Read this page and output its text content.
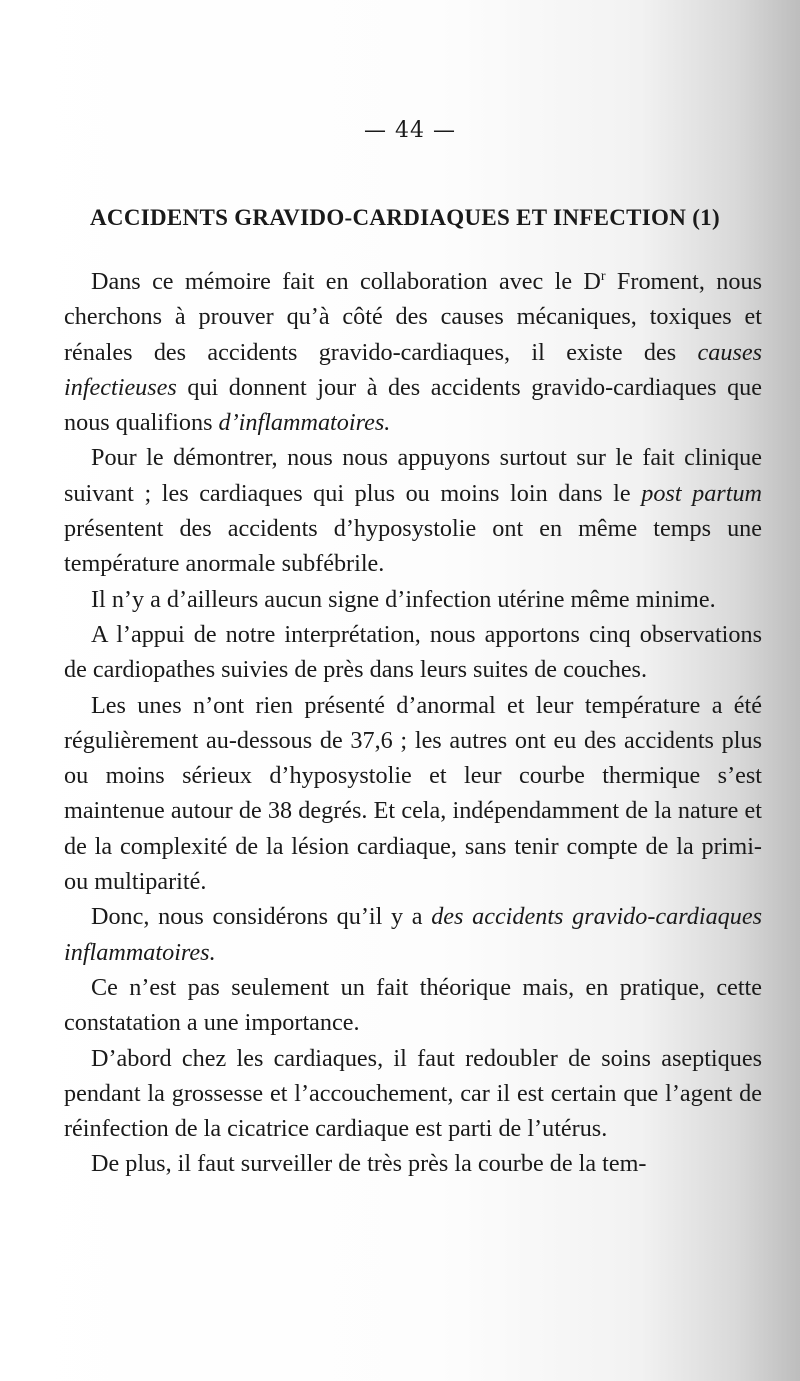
— 44 —
ACCIDENTS GRAVIDO-CARDIAQUES ET INFECTION (1)

Dans ce mémoire fait en collaboration avec le $D^r$ Froment, nous cherchons à prouver qu’à côté des causes mécaniques, toxiques et rénales des accidents gravido-cardiaques, il existe des causes infectieuses qui donnent jour à des accidents gravido-cardiaques que nous qualifions d’inflammatoires.

Pour le démontrer, nous nous appuyons surtout sur le fait clinique suivant ; les cardiaques qui plus ou moins loin dans le post partum présentent des accidents d’hyposystolie ont en même temps une température anormale subfébrile.

Il n’y a d’ailleurs aucun signe d’infection utérine même minime.

A l’appui de notre interprétation, nous apportons cinq observations de cardiopathes suivies de près dans leurs suites de couches.

Les unes n’ont rien présenté d’anormal et leur température a été régulièrement au-dessous de 37,6 ; les autres ont eu des accidents plus ou moins sérieux d’hyposystolie et leur courbe thermique s’est maintenue autour de 38 degrés. Et cela, indépendamment de la nature et de la complexité de la lésion cardiaque, sans tenir compte de la primi- ou multiparité.

Donc, nous considérons qu’il y a des accidents gravido-cardiaques inflammatoires.

Ce n’est pas seulement un fait théorique mais, en pratique, cette constatation a une importance.

D’abord chez les cardiaques, il faut redoubler de soins aseptiques pendant la grossesse et l’accouchement, car il est certain que l’agent de réinfection de la cicatrice cardiaque est parti de l’utérus.

De plus, il faut surveiller de très près la courbe de la tem-
